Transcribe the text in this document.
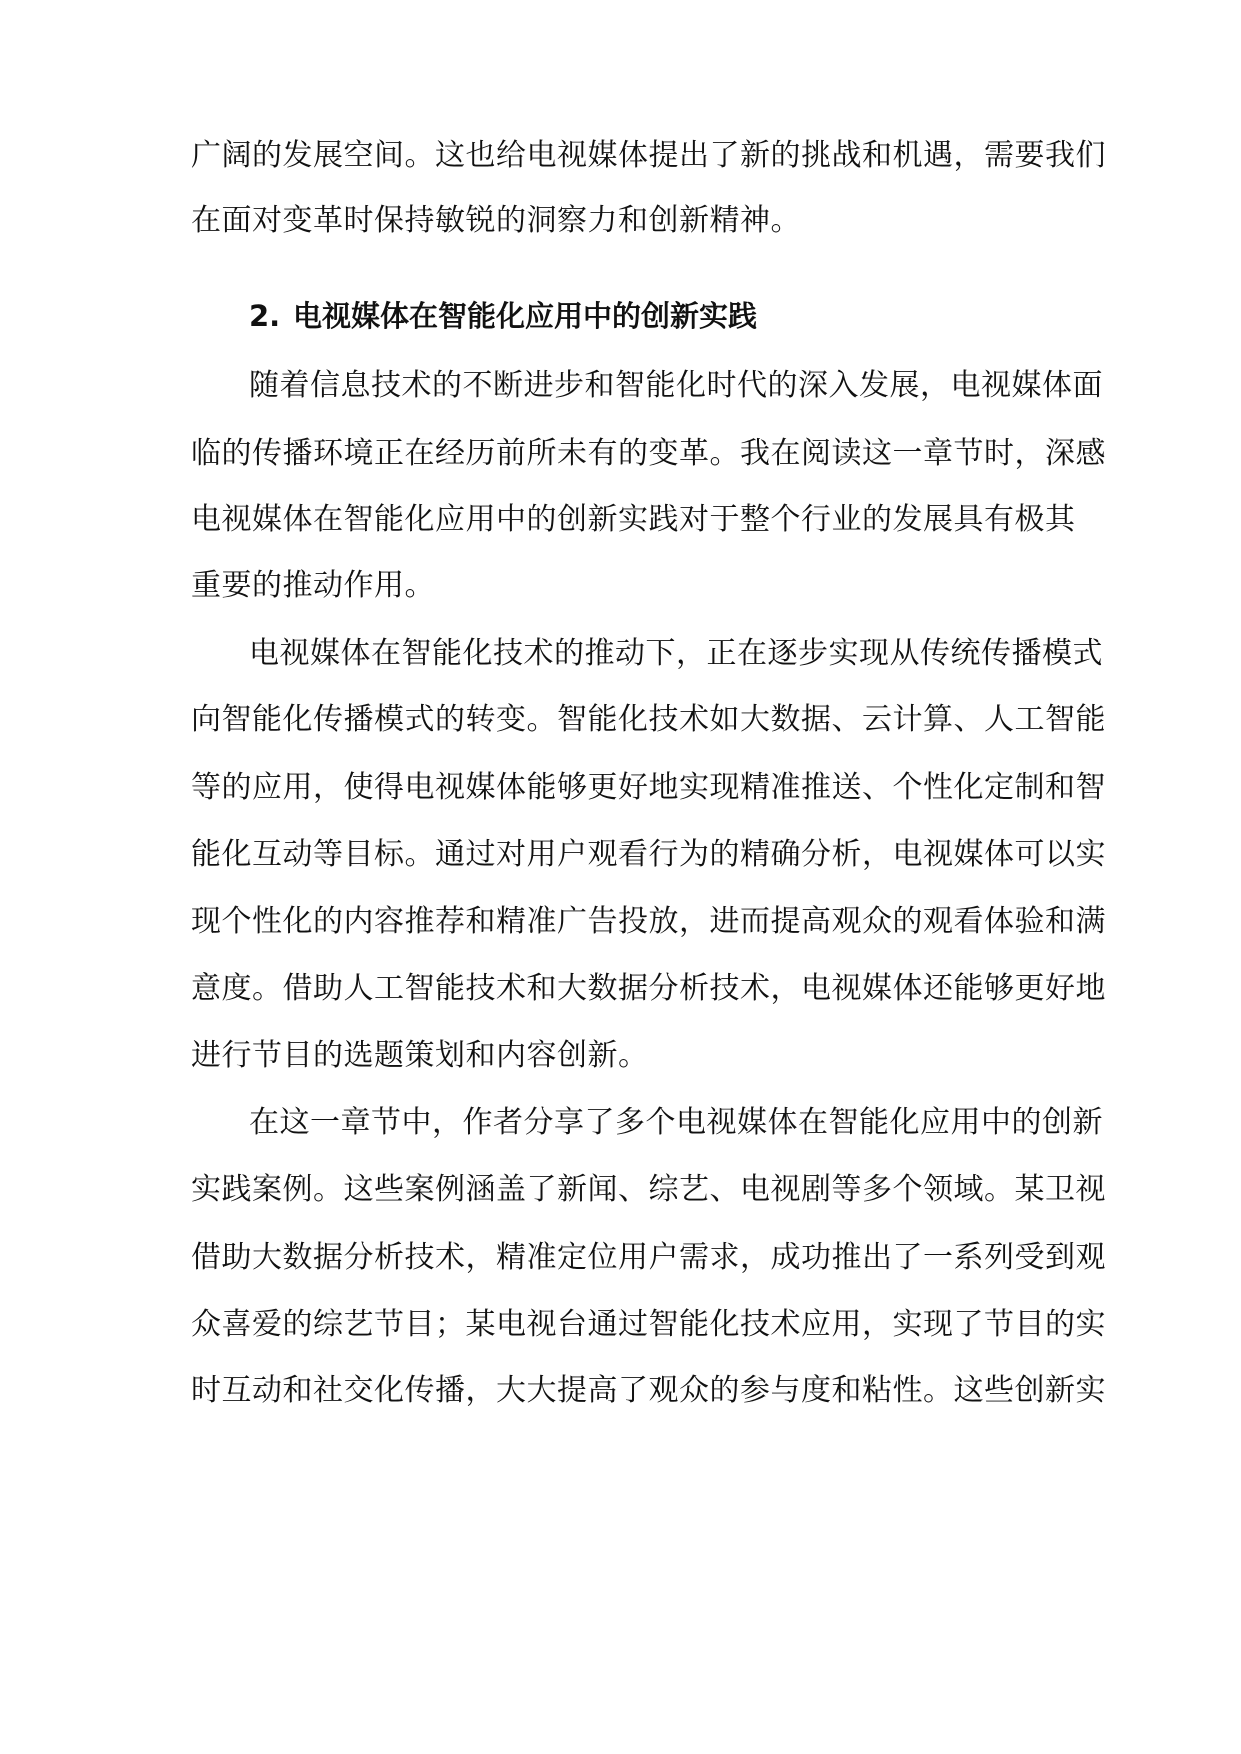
广阔的发展空间。这也给电视媒体提出了新的挑战和机遇，需要我们
在面对变革时保持敏锐的洞察力和创新精神。
2. 电视媒体在智能化应用中的创新实践
随着信息技术的不断进步和智能化时代的深入发展，电视媒体面
临的传播环境正在经历前所未有的变革。我在阅读这一章节时，深感
电视媒体在智能化应用中的创新实践对于整个行业的发展具有极其
重要的推动作用。
电视媒体在智能化技术的推动下，正在逐步实现从传统传播模式
向智能化传播模式的转变。智能化技术如大数据、云计算、人工智能
等的应用，使得电视媒体能够更好地实现精准推送、个性化定制和智
能化互动等目标。通过对用户观看行为的精确分析，电视媒体可以实
现个性化的内容推荐和精准广告投放，进而提高观众的观看体验和满
意度。借助人工智能技术和大数据分析技术，电视媒体还能够更好地
进行节目的选题策划和内容创新。
在这一章节中，作者分享了多个电视媒体在智能化应用中的创新
实践案例。这些案例涵盖了新闻、综艺、电视剧等多个领域。某卫视
借助大数据分析技术，精准定位用户需求，成功推出了一系列受到观
众喜爱的综艺节目；某电视台通过智能化技术应用，实现了节目的实
时互动和社交化传播，大大提高了观众的参与度和粘性。这些创新实
